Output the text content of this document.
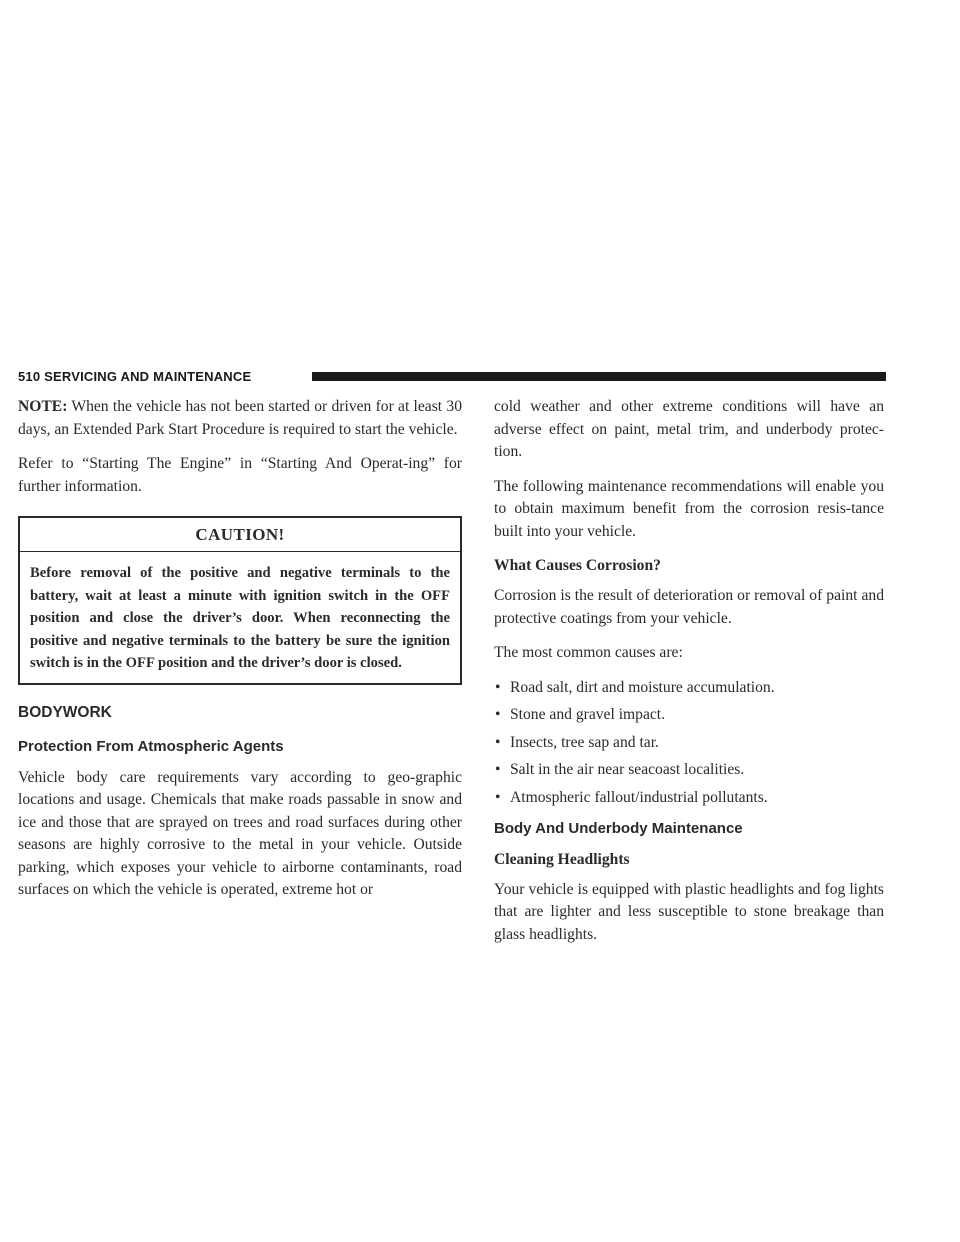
510 SERVICING AND MAINTENANCE

NOTE: When the vehicle has not been started or driven for at least 30 days, an Extended Park Start Procedure is required to start the vehicle.

Refer to “Starting The Engine” in “Starting And Operat-ing” for further information.

CAUTION!
Before removal of the positive and negative terminals to the battery, wait at least a minute with ignition switch in the OFF position and close the driver’s door. When reconnecting the positive and negative terminals to the battery be sure the ignition switch is in the OFF position and the driver’s door is closed.
BODYWORK
Protection From Atmospheric Agents

Vehicle body care requirements vary according to geo-graphic locations and usage. Chemicals that make roads passable in snow and ice and those that are sprayed on trees and road surfaces during other seasons are highly corrosive to the metal in your vehicle. Outside parking, which exposes your vehicle to airborne contaminants, road surfaces on which the vehicle is operated, extreme hot or

cold weather and other extreme conditions will have an adverse effect on paint, metal trim, and underbody protec-tion.

The following maintenance recommendations will enable you to obtain maximum benefit from the corrosion resis-tance built into your vehicle.

What Causes Corrosion?

Corrosion is the result of deterioration or removal of paint and protective coatings from your vehicle.

The most common causes are:

• Road salt, dirt and moisture accumulation.
• Stone and gravel impact.
• Insects, tree sap and tar.
• Salt in the air near seacoast localities.
• Atmospheric fallout/industrial pollutants.
Body And Underbody Maintenance
Cleaning Headlights

Your vehicle is equipped with plastic headlights and fog lights that are lighter and less susceptible to stone breakage than glass headlights.
